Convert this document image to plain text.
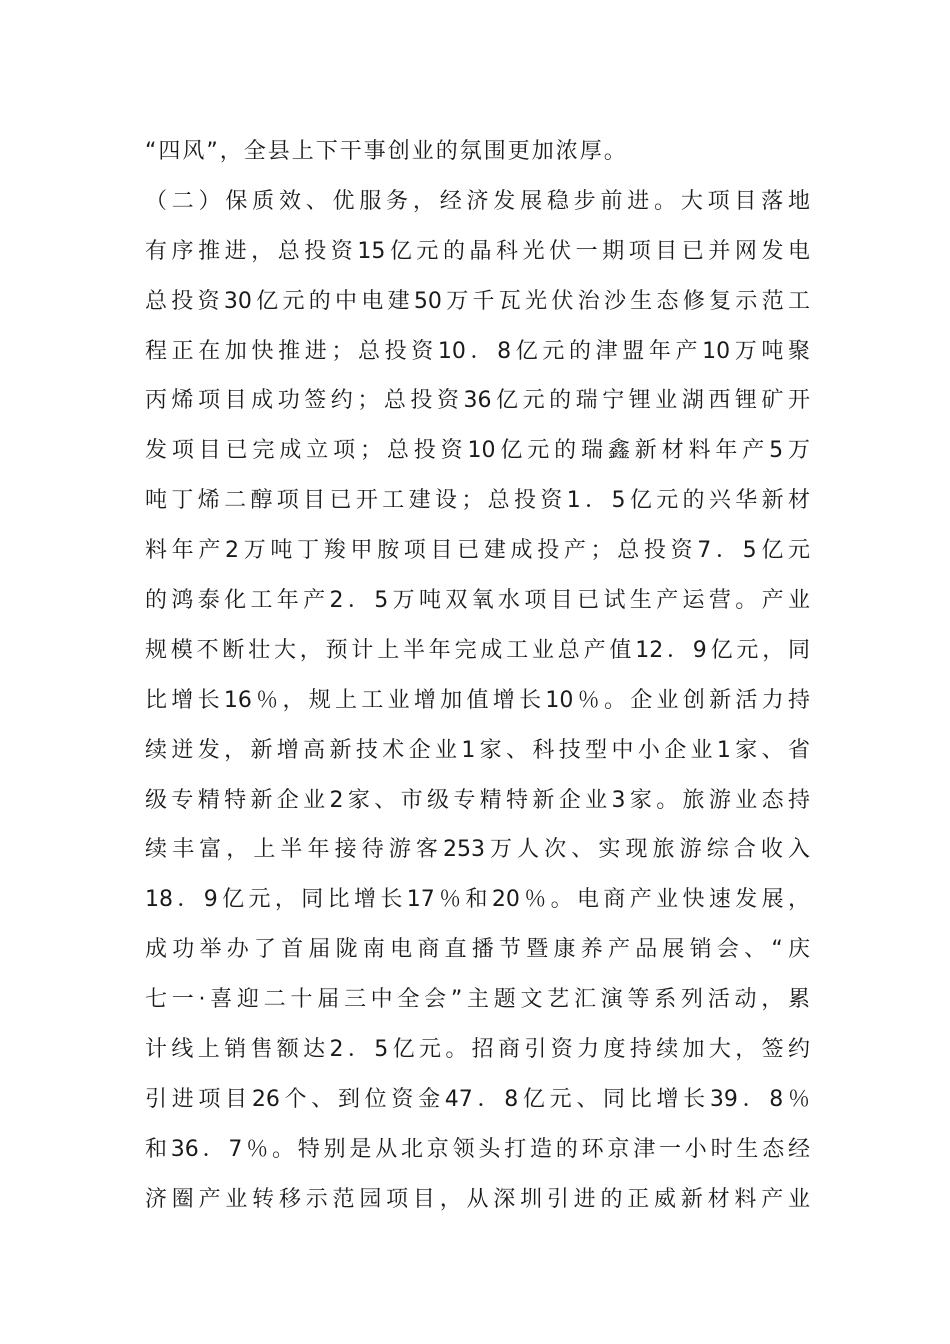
“四风”，全县上下干事创业的氛围更加浓厚。
（二）保质效、优服务，经济发展稳步前进。大项目落地
有序推进，总投资15亿元的晶科光伏一期项目已并网发电
总投资30亿元的中电建50万千瓦光伏治沙生态修复示范工
程正在加快推进；总投资10．8亿元的津盟年产10万吨聚
丙烯项目成功签约；总投资36亿元的瑞宁锂业湖西锂矿开
发项目已完成立项；总投资10亿元的瑞鑫新材料年产5万
吨丁烯二醇项目已开工建设；总投资1．5亿元的兴华新材
料年产2万吨丁羧甲胺项目已建成投产；总投资7．5亿元
的鸿泰化工年产2．5万吨双氧水项目已试生产运营。产业
规模不断壮大，预计上半年完成工业总产值12．9亿元，同
比增长16％，规上工业增加值增长10％。企业创新活力持
续迸发，新增高新技术企业1家、科技型中小企业1家、省
级专精特新企业2家、市级专精特新企业3家。旅游业态持
续丰富，上半年接待游客253万人次、实现旅游综合收入
18．9亿元，同比增长17％和20％。电商产业快速发展，
成功举办了首届陇南电商直播节暨康养产品展销会、“庆
七一·喜迎二十届三中全会”主题文艺汇演等系列活动，累
计线上销售额达2．5亿元。招商引资力度持续加大，签约
引进项目26个、到位资金47．8亿元、同比增长39．8％
和36．7％。特别是从北京领头打造的环京津一小时生态经
济圈产业转移示范园项目，从深圳引进的正威新材料产业
